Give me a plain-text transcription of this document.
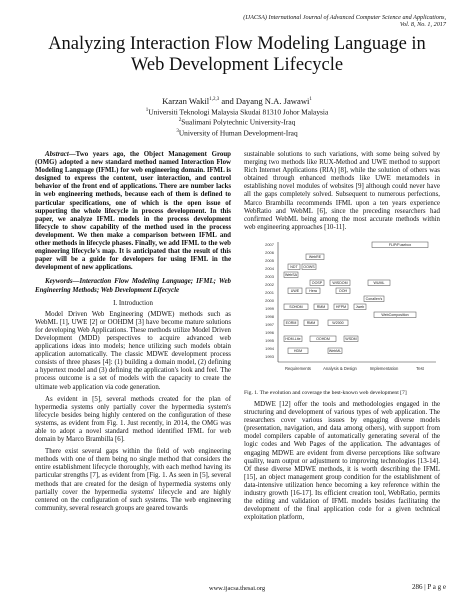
(IJACSA) International Journal of Advanced Computer Science and Applications,
Vol. 8, No. 1, 2017
Analyzing Interaction Flow Modeling Language in
Web Development Lifecycle
Karzan Wakil$^{1,2,3}$ and Dayang N.A. Jawawi$^1$
$^1$Universiti Teknologi Malaysia Skudai 81310 Johor Malaysia
$^2$Sualimani Polytechnic University-Iraq
$^3$University of Human Development-Iraq

Abstract—Two years ago, the Object Management Group (OMG) adopted a new standard method named Interaction Flow Modeling Language (IFML) for web engineering domain. IFML is designed to express the content, user interaction, and control behavior of the front end of applications. There are number lacks in web engineering methods, because each of them is defined to particular specifications, one of which is the open issue of supporting the whole lifecycle in process development. In this paper, we analyze IFML models in the process development lifecycle to show capability of the method used in the process development. We then make a comparison between IFML and other methods in lifecycle phases. Finally, we add IFML to the web engineering lifecycle's map. It is anticipated that the result of this paper will be a guide for developers for using IFML in the development of new applications.

Keywords—Interaction Flow Modeling Language; IFML; Web Engineering Methods; Web Development Lifecycle

I. Introduction

Model Driven Web Engineering (MDWE) methods such as WebML [1], UWE [2] or OOHDM [3] have become mature solutions for developing Web Applications. These methods utilize Model Driven Development (MDD) perspectives to acquire advanced web applications ideas into models; hence utilizing such models obtain application automatically. The classic MDWE development process consists of three phases [4]: (1) building a domain model, (2) defining a hypertext model and (3) defining the application's look and feel. The process outcome is a set of models with the capacity to create the ultimate web application via code generation.

As evident in [5], several methods created for the plan of hypermedia systems only partially cover the hypermedia system's lifecycle besides being highly centered on the configuration of these systems, as evident from Fig. 1. Just recently, in 2014, the OMG was able to adopt a novel standard method identified IFML for web domain by Marco Brambilla [6].

There exist several gaps within the field of web engineering methods with one of them being no single method that considers the entire establishment lifecycle thoroughly, with each method having its particular strengths [7], as evident from [Fig. 1. As seen in [5], several methods that are created for the design of hypermedia systems only partially cover the hypermedia systems' lifecycle and are highly centered on the configuration of such systems. The web engineering community, several research groups are geared towards

sustainable solutions to such variations, with some being solved by merging two methods like RUX-Method and UWE method to support Rich Internet Applications (RIA) [8], while the solution of others was obtained through enhanced methods like UWE metamodels in establishing novel modules of websites [9] although could never have all the gaps completely solved. Subsequent to numerous perfections, Marco Brambilla recommends IFML upon a ten years experience WebRatio and WebML [6], since the preceding researchers had confirmed WebML being among the most accurate methods within web engineering approaches [10-11].

2007
2006
2005
2004
2003
2002
2001
2000
1999
1998
1997
1996
1995
1994
1993
Requirements	Analysis & Design	Implementation	Test
FLIP/Fusebox
WebRE
NDT OOWS
WebSA
OOSP	WISDOM	WUML
UWE	Hera	OOH
Conallen's
SOHDM	RMM	HFPM	Jweb
WebComposition
EORM	RMM	W2000
HDM-Lite	OOHDM	WSDM
HDM	WebML
Fig. 1. The evolution and coverage the best-known web development [7]

MDWE [12] offer the tools and methodologies engaged in the structuring and development of various types of web application. The researchers cover various issues by engaging diverse models (presentation, navigation, and data among others), with support from model compilers capable of automatically generating several of the logic codes and Web Pages of the application. The advantages of engaging MDWE are evident from diverse perceptions like software quality, team output or adjustment to improving technologies [13-14]. Of these diverse MDWE methods, it is worth describing the IFML [15], an object management group condition for the establishment of data-intensive utilization hence becoming a key reference within the industry growth [16-17]. Its efficient creation tool, WebRatio, permits the editing and validation of IFML models besides facilitating the development of the final application code for a given technical exploitation platform,

www.ijacsa.thesai.org	286 | P a g e
